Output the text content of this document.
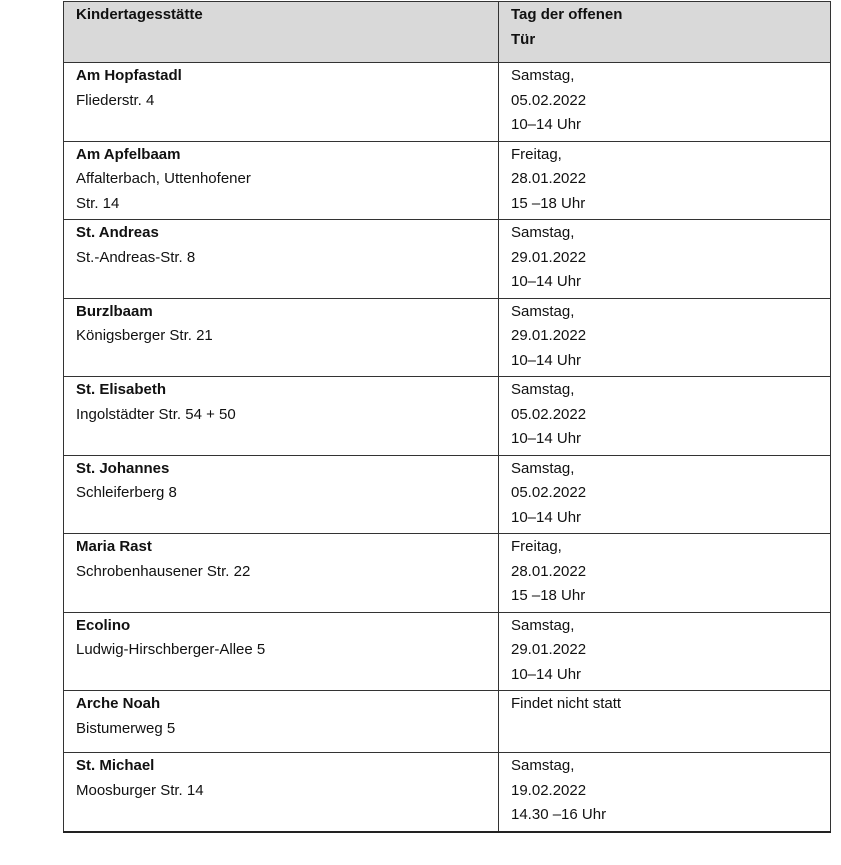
Kindertagesstätte	Tag der offenen
Tür

Am Hopfastadl
Fliederstr. 4	Samstag,
05.02.2022
10–14 Uhr

Am Apfelbaam
Affalterbach, Uttenhofener
Str. 14	Freitag,
28.01.2022
15 –18 Uhr

St. Andreas
St.-Andreas-Str. 8	Samstag,
29.01.2022
10–14 Uhr

Burzlbaam
Königsberger Str. 21	Samstag,
29.01.2022
10–14 Uhr

St. Elisabeth
Ingolstädter Str. 54 + 50	Samstag,
05.02.2022
10–14 Uhr

St. Johannes
Schleiferberg 8	Samstag,
05.02.2022
10–14 Uhr

Maria Rast
Schrobenhausener Str. 22	Freitag,
28.01.2022
15 –18 Uhr

Ecolino
Ludwig-Hirschberger-Allee 5	Samstag,
29.01.2022
10–14 Uhr

Arche Noah
Bistumerweg 5	Findet nicht statt

St. Michael
Moosburger Str. 14	Samstag,
19.02.2022
14.30 –16 Uhr
